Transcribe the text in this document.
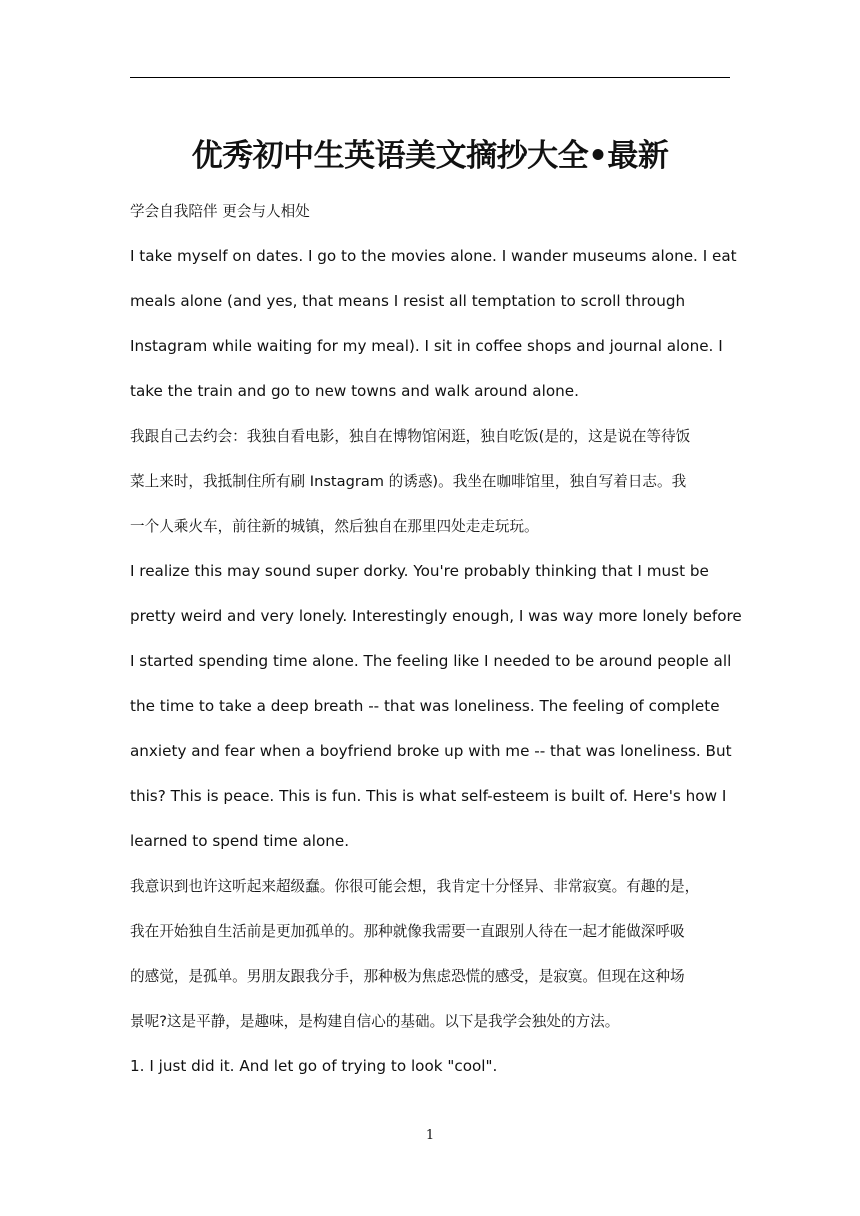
优秀初中生英语美文摘抄大全•最新
学会自我陪伴 更会与人相处
I take myself on dates. I go to the movies alone. I wander museums alone. I eat
meals alone (and yes, that means I resist all temptation to scroll through
Instagram while waiting for my meal). I sit in coffee shops and journal alone. I
take the train and go to new towns and walk around alone.
我跟自己去约会：我独自看电影，独自在博物馆闲逛，独自吃饭(是的，这是说在等待饭
菜上来时，我抵制住所有刷 Instagram 的诱惑)。我坐在咖啡馆里，独自写着日志。我
一个人乘火车，前往新的城镇，然后独自在那里四处走走玩玩。
I realize this may sound super dorky. You're probably thinking that I must be
pretty weird and very lonely. Interestingly enough, I was way more lonely before
I started spending time alone. The feeling like I needed to be around people all
the time to take a deep breath -- that was loneliness. The feeling of complete
anxiety and fear when a boyfriend broke up with me -- that was loneliness. But
this? This is peace. This is fun. This is what self-esteem is built of. Here's how I
learned to spend time alone.
我意识到也许这听起来超级蠢。你很可能会想，我肯定十分怪异、非常寂寞。有趣的是，
我在开始独自生活前是更加孤单的。那种就像我需要一直跟别人待在一起才能做深呼吸
的感觉，是孤单。男朋友跟我分手，那种极为焦虑恐慌的感受，是寂寞。但现在这种场
景呢?这是平静，是趣味，是构建自信心的基础。以下是我学会独处的方法。
1. I just did it. And let go of trying to look "cool".
1
